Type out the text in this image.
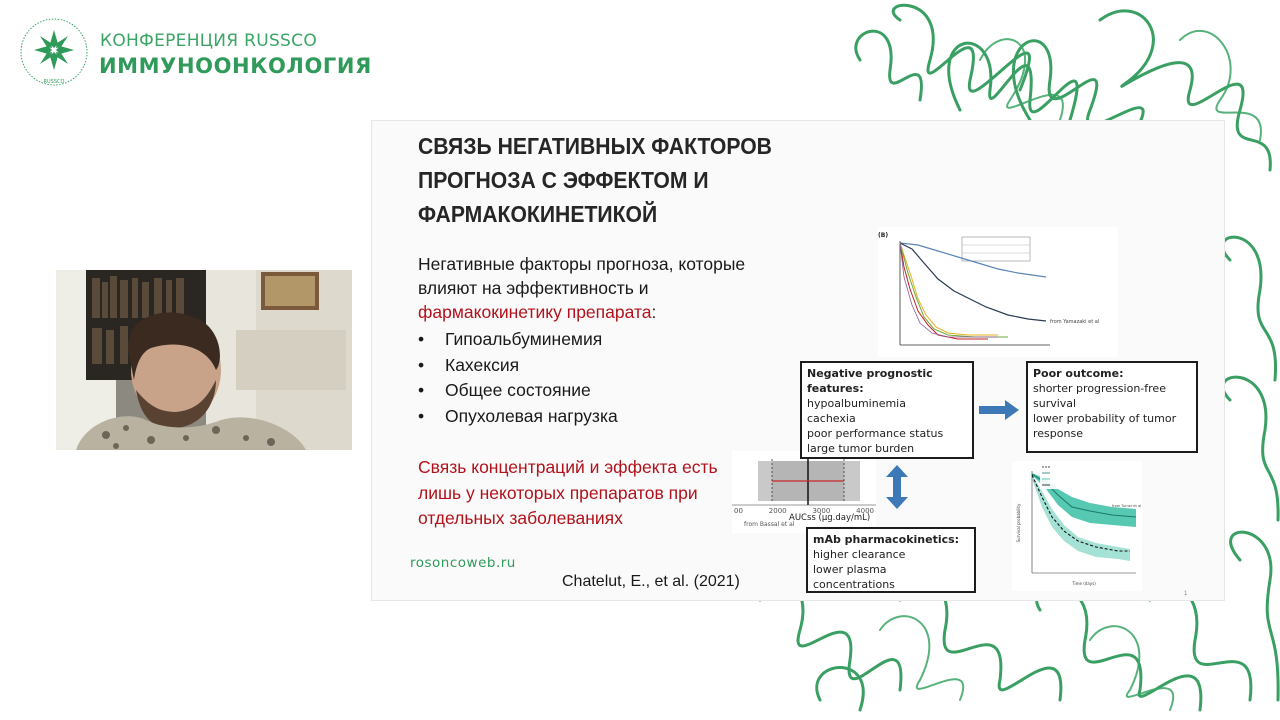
RUSSCO
КОНФЕРЕНЦИЯ RUSSCO
ИММУНООНКОЛОГИЯ
СВЯЗЬ НЕГАТИВНЫХ ФАКТОРОВ ПРОГНОЗА С ЭФФЕКТОМ И ФАРМАКОКИНЕТИКОЙ
Негативные факторы прогноза, которые влияют на эффективность и фармакокинетику препарата:
• Гипоальбуминемия
• Кахексия
• Общее состояние
• Опухолевая нагрузка
Связь концентраций и эффекта есть лишь у некоторых препаратов при отдельных заболеваниях
rosoncoweb.ru
Chatelut, E., et al. (2021)
(B)
from Yamazaki et al
00	2000	3000	4000
AUCss (µg.day/mL)
from Bassal et al
Negative prognostic features:
hypoalbuminemia
cachexia
poor performance status
large tumor burden
Poor outcome:
shorter progression-free survival
lower probability of tumor response
mAb pharmacokinetics:
higher clearance
lower plasma concentrations
from Turner et al
Time (days)
Survival probability
1
